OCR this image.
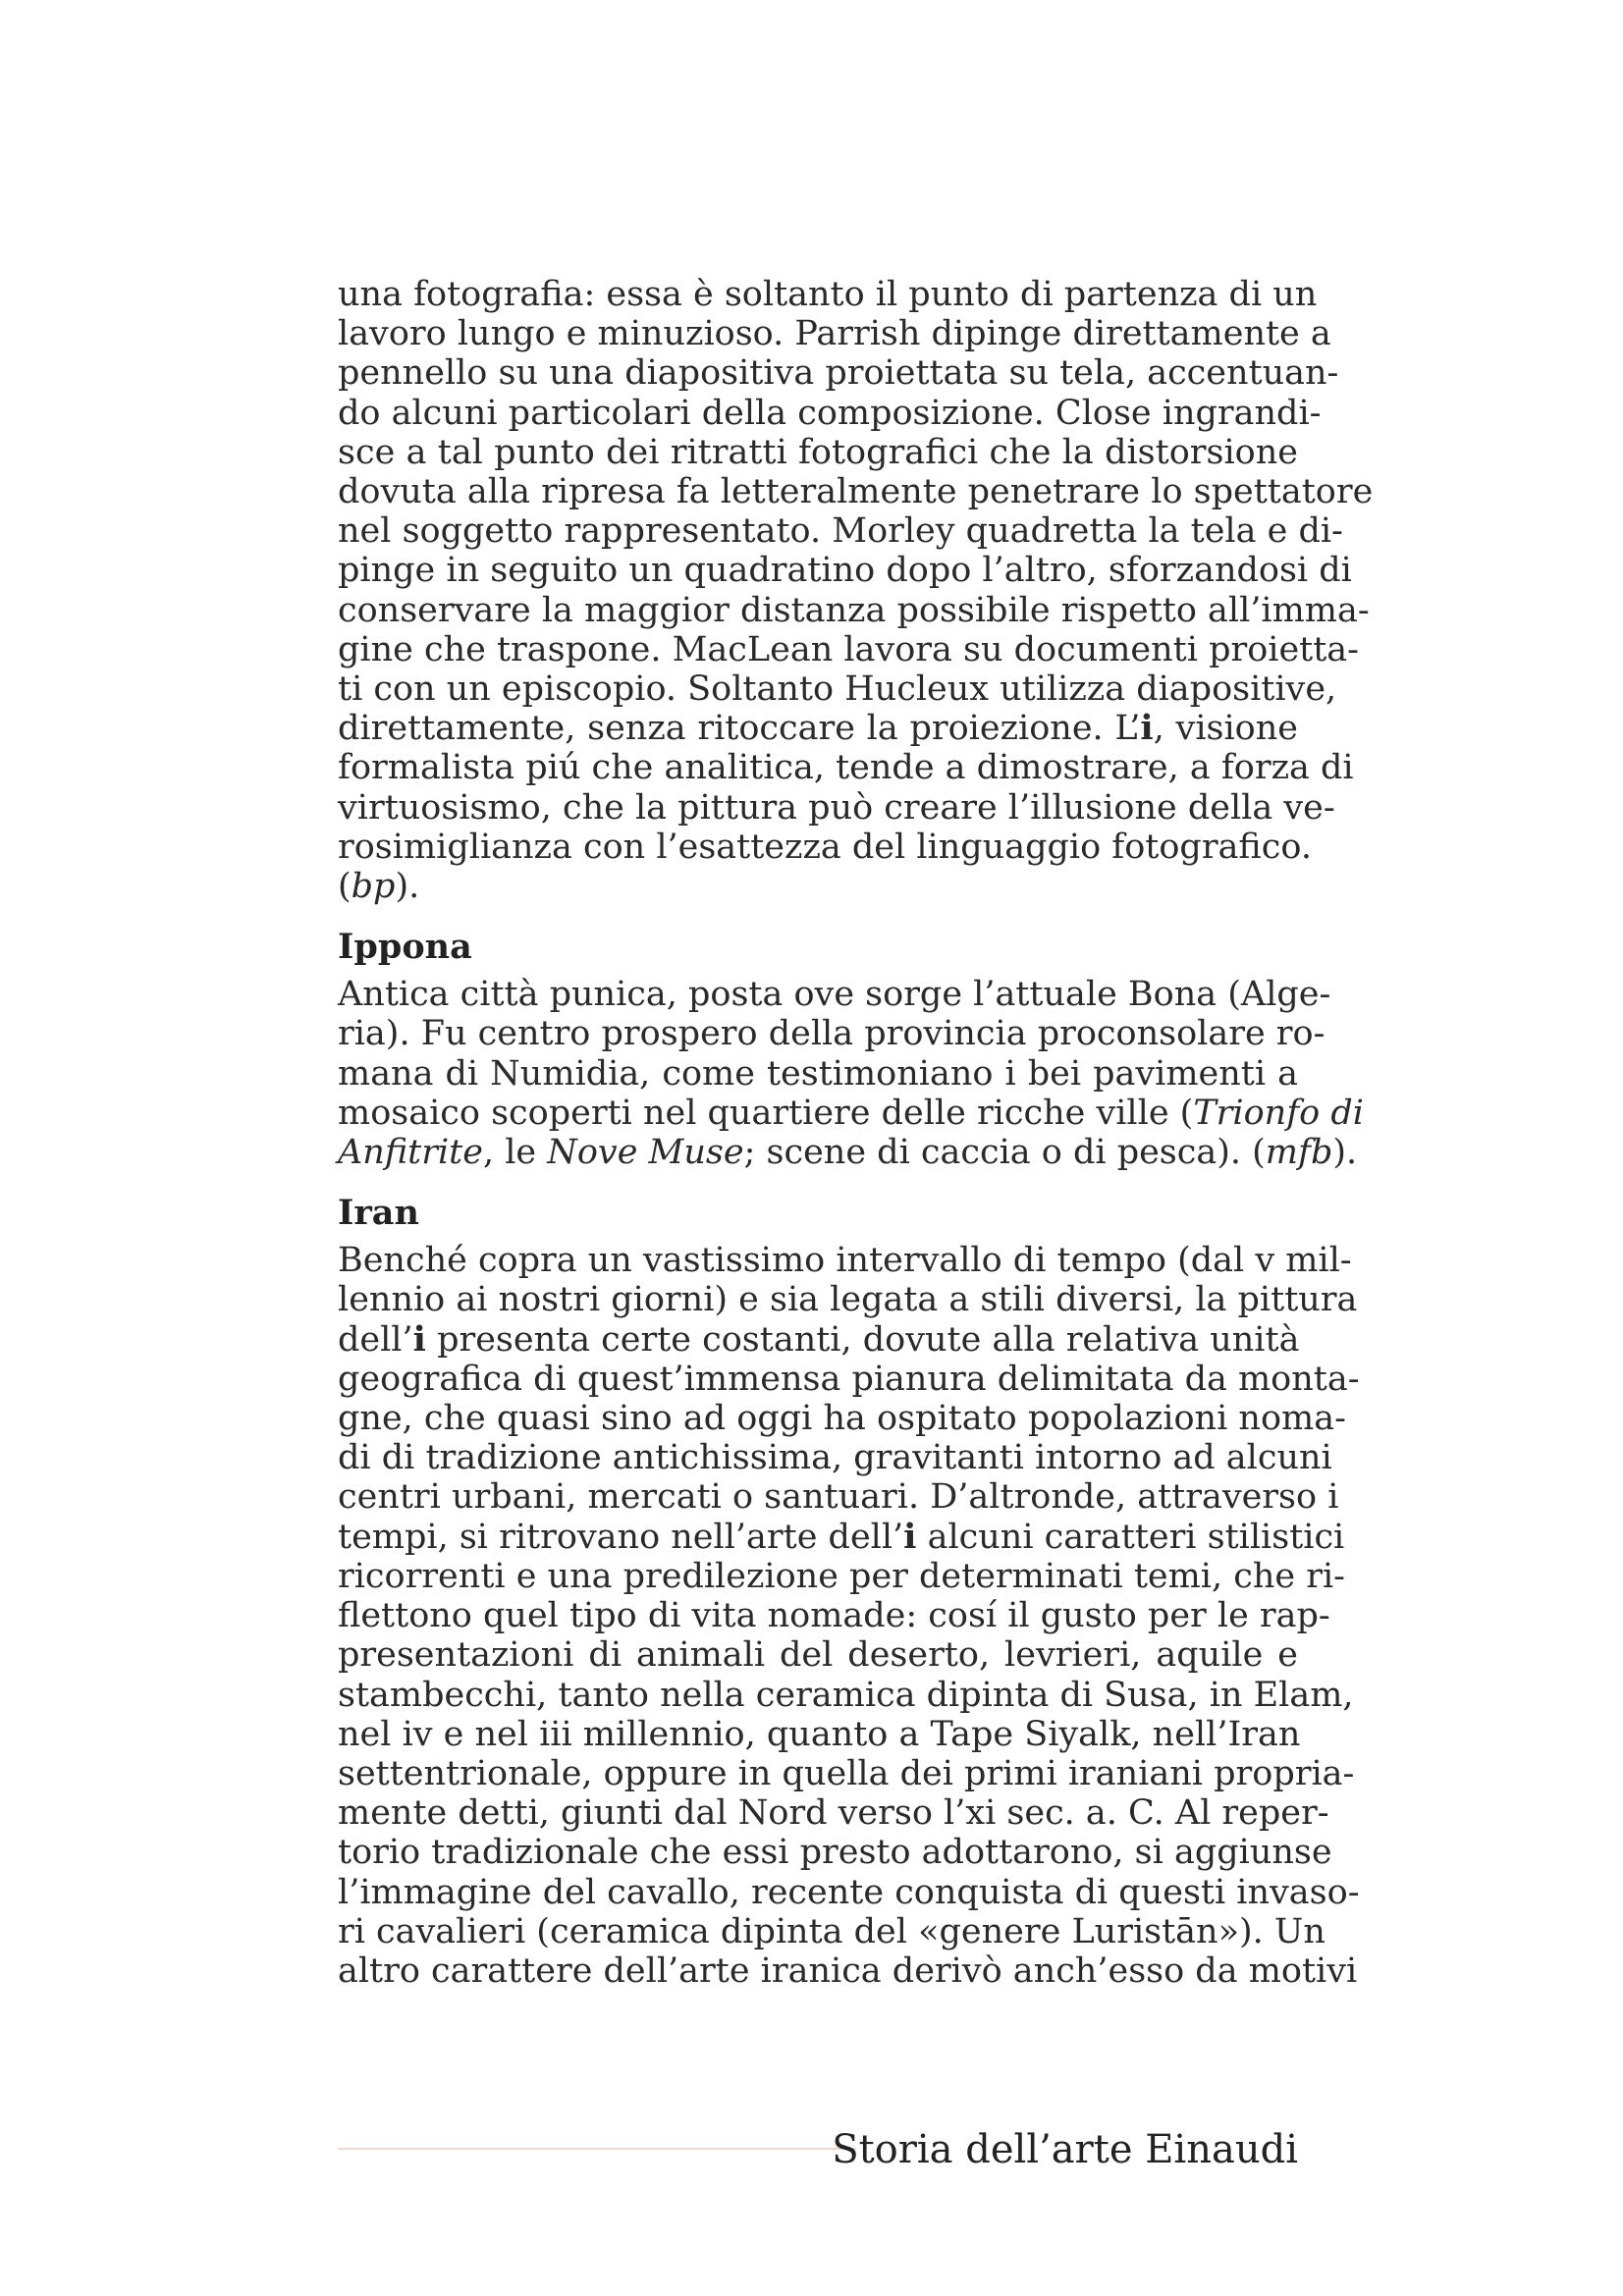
una fotografia: essa è soltanto il punto di partenza di un
lavoro lungo e minuzioso. Parrish dipinge direttamente a
pennello su una diapositiva proiettata su tela, accentuan-
do alcuni particolari della composizione. Close ingrandi-
sce a tal punto dei ritratti fotografici che la distorsione
dovuta alla ripresa fa letteralmente penetrare lo spettatore
nel soggetto rappresentato. Morley quadretta la tela e di-
pinge in seguito un quadratino dopo l’altro, sforzandosi di
conservare la maggior distanza possibile rispetto all’imma-
gine che traspone. MacLean lavora su documenti proietta-
ti con un episcopio. Soltanto Hucleux utilizza diapositive,
direttamente, senza ritoccare la proiezione. L’i, visione
formalista piú che analitica, tende a dimostrare, a forza di
virtuosismo, che la pittura può creare l’illusione della ve-
rosimiglianza con l’esattezza del linguaggio fotografico.
(bp).
Ippona
Antica città punica, posta ove sorge l’attuale Bona (Alge-
ria). Fu centro prospero della provincia proconsolare ro-
mana di Numidia, come testimoniano i bei pavimenti a
mosaico scoperti nel quartiere delle ricche ville (Trionfo di
Anfitrite, le Nove Muse; scene di caccia o di pesca). (mfb).
Iran
Benché copra un vastissimo intervallo di tempo (dal v mil-
lennio ai nostri giorni) e sia legata a stili diversi, la pittura
dell’i presenta certe costanti, dovute alla relativa unità
geografica di quest’immensa pianura delimitata da monta-
gne, che quasi sino ad oggi ha ospitato popolazioni noma-
di di tradizione antichissima, gravitanti intorno ad alcuni
centri urbani, mercati o santuari. D’altronde, attraverso i
tempi, si ritrovano nell’arte dell’i alcuni caratteri stilistici
ricorrenti e una predilezione per determinati temi, che ri-
flettono quel tipo di vita nomade: cosí il gusto per le rap-
presentazioni di animali del deserto, levrieri, aquile e
stambecchi, tanto nella ceramica dipinta di Susa, in Elam,
nel iv e nel iii millennio, quanto a Tape Siyalk, nell’Iran
settentrionale, oppure in quella dei primi iraniani propria-
mente detti, giunti dal Nord verso l’xi sec. a. C. Al reper-
torio tradizionale che essi presto adottarono, si aggiunse
l’immagine del cavallo, recente conquista di questi invaso-
ri cavalieri (ceramica dipinta del «genere Luristān»). Un
altro carattere dell’arte iranica derivò anch’esso da motivi
Storia dell’arte Einaudi
